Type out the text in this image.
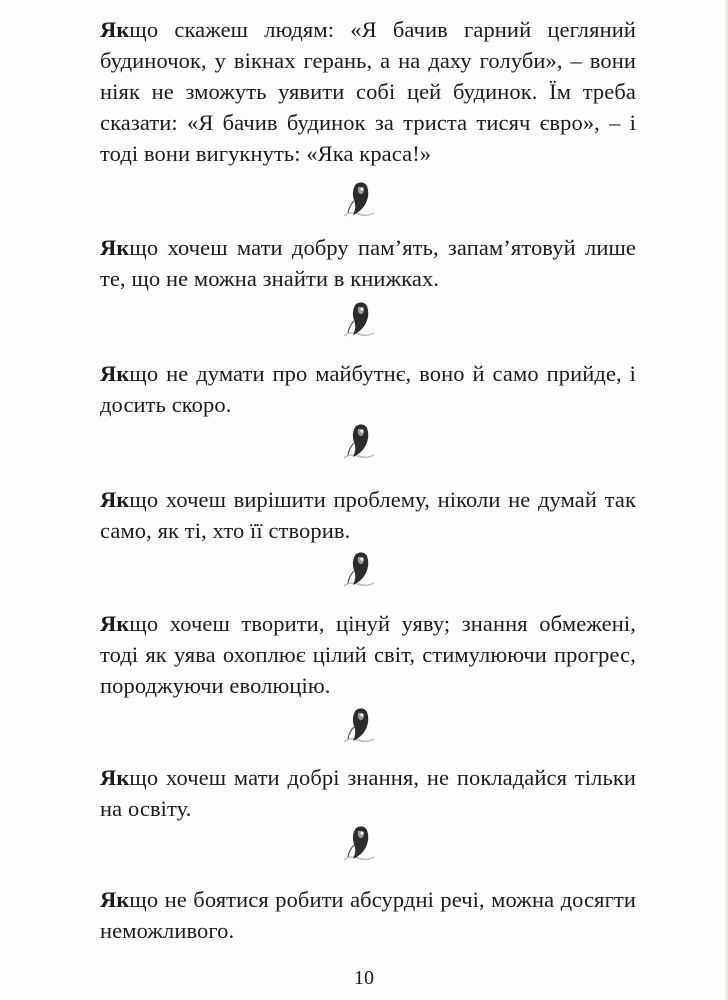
Якщо скажеш людям: «Я бачив гарний цегляний будиночок, у вікнах герань, а на даху голуби», – вони ніяк не зможуть уявити собі цей будинок. Їм треба сказати: «Я бачив будинок за триста тисяч євро», – і тоді вони вигукнуть: «Яка краса!»

Якщо хочеш мати добру пам’ять, запам’ятовуй лише те, що не можна знайти в книжках.

Якщо не думати про майбутнє, воно й само прийде, і досить скоро.

Якщо хочеш вирішити проблему, ніколи не думай так само, як ті, хто її створив.

Якщо хочеш творити, цінуй уяву; знання обмежені, тоді як уява охоплює цілий світ, стимулюючи прогрес, породжуючи еволюцію.

Якщо хочеш мати добрі знання, не покладайся тільки на освіту.

Якщо не боятися робити абсурдні речі, можна досягти неможливого.

10
